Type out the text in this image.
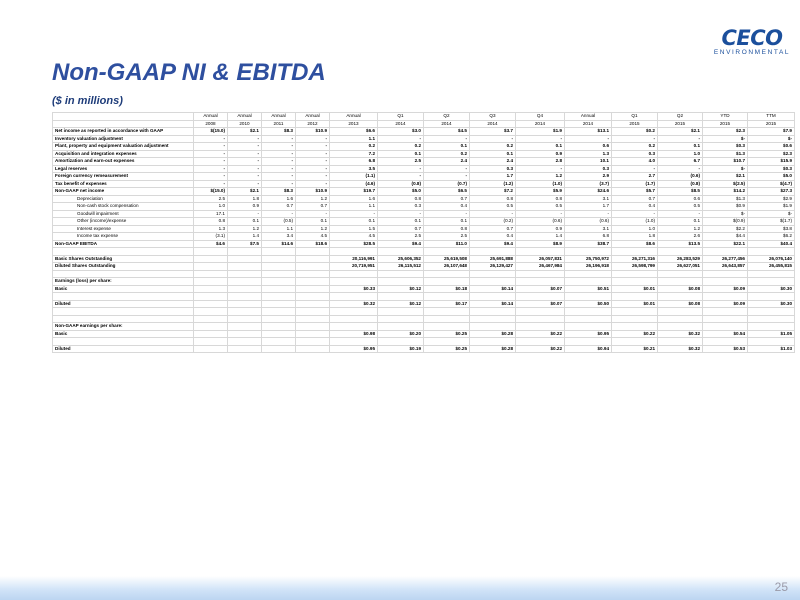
CECO
ENVIRONMENTAL
Non-GAAP NI & EBITDA
($ in millions)
	Annual	Annual	Annual	Annual	Annual	Q1	Q2	Q3	Q4	Annual	Q1	Q2	YTD	TTM
	2008	2010	2011	2012	2013	2014	2014	2014	2014	2014	2015	2015	2015	2015
Net income as reported in accordance with GAAP	$(15.0)	$2.1	$8.3	$10.9	$6.6	$3.0	$4.5	$3.7	$1.9	$13.1	$0.2	$2.1	$2.3	$7.9
Inventory valuation adjustment	-	-	-	-	1.1	-	-	-	-	-	-	-	$-	$-
Plant, property and equipment valuation adjustment	-	-	-	-	0.2	0.2	0.1	0.2	0.1	0.6	0.2	0.1	$0.3	$0.6
Acquisition and integration expenses	-	-	-	-	7.2	0.1	0.2	0.1	0.9	1.3	0.3	1.0	$1.3	$2.3
Amortization and earn-out expenses	-	-	-	-	6.8	2.5	2.4	2.4	2.8	10.1	4.0	6.7	$10.7	$15.9
Legal reserves	-	-	-	-	3.5	-	-	0.3	-	0.3	-	-	$-	$0.3
Foreign currency remeasurement	-	-	-	-	(1.1)	-	-	1.7	1.2	2.9	2.7	(0.6)	$2.1	$5.0
Tax benefit of expenses	-	-	-	-	(4.6)	(0.8)	(0.7)	(1.2)	(1.0)	(3.7)	(1.7)	(0.8)	$(2.5)	$(4.7)
Non-GAAP net income	$(15.0)	$2.1	$8.3	$10.9	$19.7	$5.0	$6.5	$7.2	$5.9	$24.6	$5.7	$8.5	$14.2	$27.3
Depreciation	2.5	1.8	1.6	1.2	1.6	0.8	0.7	0.8	0.8	3.1	0.7	0.6	$1.3	$2.9
Non-cash stock compensation	1.0	0.9	0.7	0.7	1.1	0.3	0.4	0.5	0.5	1.7	0.4	0.5	$0.9	$1.9
Goodwill impairment	17.1	-	-	-	-	-	-	-	-	-	-	-	$-	$-
Other (income)/expense	0.8	0.1	(0.5)	0.1	0.1	0.1	0.1	(0.2)	(0.6)	(0.6)	(1.0)	0.1	$(0.9)	$(1.7)
Interest expense	1.3	1.2	1.1	1.2	1.5	0.7	0.8	0.7	0.9	3.1	1.0	1.2	$2.2	$3.8
Income tax expense	(3.1)	1.4	3.4	4.5	4.5	2.5	2.5	0.4	1.4	6.8	1.8	2.6	$4.4	$6.2
Non-GAAP EBITDA	$4.6	$7.5	$14.6	$18.6	$28.5	$9.4	$11.0	$9.4	$8.9	$38.7	$8.6	$13.5	$22.1	$40.4

Basic Shares Outstanding					20,116,991	25,606,352	25,619,508	25,691,888	26,057,831	25,750,972	26,271,316	26,283,529	26,277,456	26,076,140
Diluted Shares Outstanding					20,719,951	26,115,512	26,107,648	26,129,427	26,467,984	26,196,918	26,598,799	26,627,051	26,643,857	26,455,815

Earnings (loss) per share:														
Basic					$0.33	$0.12	$0.18	$0.14	$0.07	$0.51	$0.01	$0.08	$0.09	$0.30

Diluted					$0.32	$0.12	$0.17	$0.14	$0.07	$0.50	$0.01	$0.08	$0.09	$0.30

Non-GAAP earnings per share:														
Basic					$0.98	$0.20	$0.25	$0.28	$0.22	$0.95	$0.22	$0.32	$0.54	$1.05

Diluted					$0.95	$0.19	$0.25	$0.28	$0.22	$0.94	$0.21	$0.32	$0.53	$1.03
25
